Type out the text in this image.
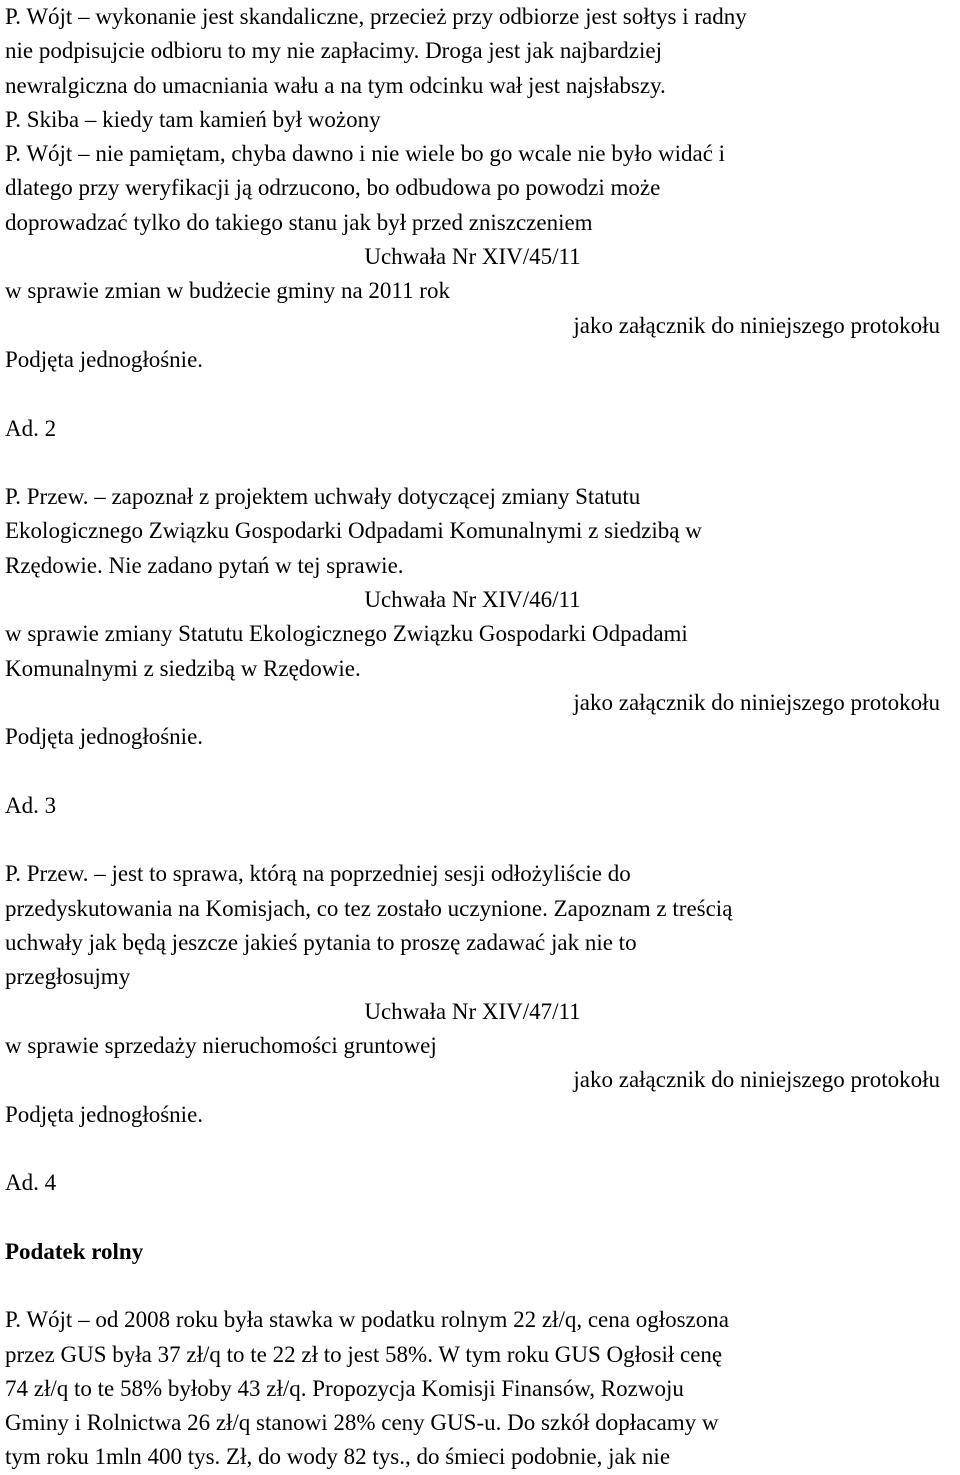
P. Wójt – wykonanie jest skandaliczne, przecież przy odbiorze jest sołtys i radny

nie podpisujcie odbioru to my nie zapłacimy. Droga jest jak najbardziej

newralgiczna do umacniania wału a na tym odcinku wał jest najsłabszy.

P. Skiba – kiedy tam kamień był wożony

P. Wójt – nie pamiętam, chyba dawno i nie wiele bo go wcale nie było widać i

dlatego przy weryfikacji ją odrzucono, bo odbudowa po powodzi może

doprowadzać tylko do takiego stanu jak był przed zniszczeniem

Uchwała Nr XIV/45/11

w sprawie zmian w budżecie gminy na 2011 rok

jako załącznik do niniejszego protokołu

Podjęta jednogłośnie.

Ad. 2

P. Przew. – zapoznał z projektem uchwały dotyczącej zmiany Statutu

Ekologicznego Związku Gospodarki Odpadami Komunalnymi z siedzibą w

Rzędowie. Nie zadano pytań w tej sprawie.

Uchwała Nr XIV/46/11

w sprawie zmiany Statutu Ekologicznego Związku Gospodarki Odpadami

Komunalnymi z siedzibą w Rzędowie.

jako załącznik do niniejszego protokołu

Podjęta jednogłośnie.

Ad. 3

P. Przew. – jest to sprawa, którą na poprzedniej sesji odłożyliście do

przedyskutowania na Komisjach, co tez zostało uczynione. Zapoznam z treścią

uchwały jak będą jeszcze jakieś pytania to proszę zadawać jak nie to

przegłosujmy

Uchwała Nr XIV/47/11

w sprawie sprzedaży nieruchomości gruntowej

jako załącznik do niniejszego protokołu

Podjęta jednogłośnie.

Ad. 4

Podatek rolny

P. Wójt – od 2008 roku była stawka w podatku rolnym 22 zł/q, cena ogłoszona

przez GUS była 37 zł/q to te 22 zł to jest 58%. W tym roku GUS Ogłosił cenę

74 zł/q to te 58% byłoby 43 zł/q. Propozycja Komisji Finansów, Rozwoju

Gminy i Rolnictwa 26 zł/q stanowi 28% ceny GUS-u. Do szkół dopłacamy w

tym roku 1mln 400 tys. Zł, do wody 82 tys., do śmieci podobnie, jak nie
